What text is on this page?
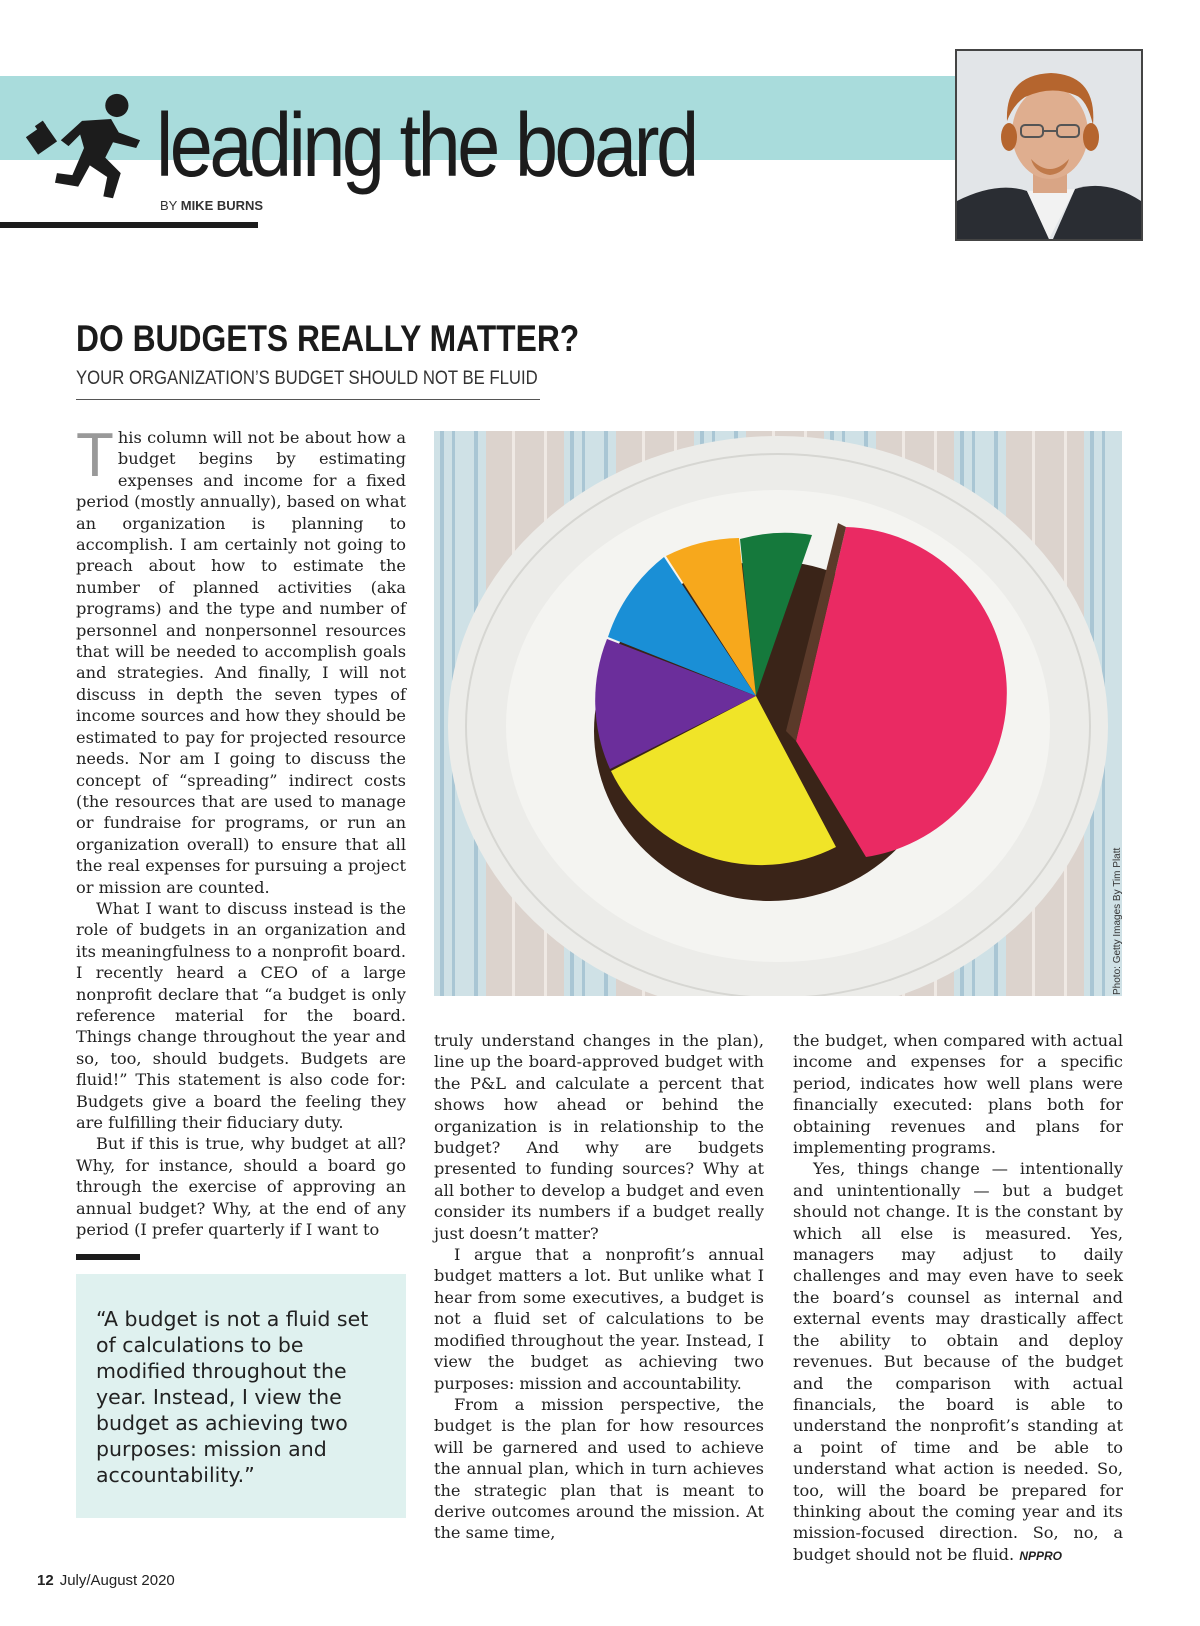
leading the board
BY MIKE BURNS
DO BUDGETS REALLY MATTER?
YOUR ORGANIZATION’S BUDGET SHOULD NOT BE FLUID

This column will not be about how a budget begins by estimating expenses and income for a fixed period (mostly annually), based on what an organization is planning to accomplish. I am certainly not going to preach about how to estimate the number of planned activities (aka programs) and the type and number of personnel and nonpersonnel resources that will be needed to accomplish goals and strategies. And finally, I will not discuss in depth the seven types of income sources and how they should be estimated to pay for projected resource needs. Nor am I going to discuss the concept of “spreading” indirect costs (the resources that are used to manage or fundraise for programs, or run an organization overall) to ensure that all the real expenses for pursuing a project or mission are counted.

What I want to discuss instead is the role of budgets in an organization and its meaningfulness to a nonprofit board. I recently heard a CEO of a large nonprofit declare that “a budget is only reference material for the board. Things change throughout the year and so, too, should budgets. Budgets are fluid!” This statement is also code for: Budgets give a board the feeling they are fulfilling their fiduciary duty.

But if this is true, why budget at all? Why, for instance, should a board go through the exercise of approving an annual budget? Why, at the end of any period (I prefer quarterly if I want to

Photo: Getty Images By Tim Platt

truly understand changes in the plan), line up the board-approved budget with the P&L and calculate a percent that shows how ahead or behind the organization is in relationship to the budget? And why are budgets presented to funding sources? Why at all bother to develop a budget and even consider its numbers if a budget really just doesn’t matter?

I argue that a nonprofit’s annual budget matters a lot. But unlike what I hear from some executives, a budget is not a fluid set of calculations to be modified throughout the year. Instead, I view the budget as achieving two purposes: mission and accountability.

From a mission perspective, the budget is the plan for how resources will be garnered and used to achieve the annual plan, which in turn achieves the strategic plan that is meant to derive outcomes around the mission. At the same time,

the budget, when compared with actual income and expenses for a specific period, indicates how well plans were financially executed: plans both for obtaining revenues and plans for implementing programs.

Yes, things change — intentionally and unintentionally — but a budget should not change. It is the constant by which all else is measured. Yes, managers may adjust to daily challenges and may even have to seek the board’s counsel as internal and external events may drastically affect the ability to obtain and deploy revenues. But because of the budget and the comparison with actual financials, the board is able to understand the nonprofit’s standing at a point of time and be able to understand what action is needed. So, too, will the board be prepared for thinking about the coming year and its mission-focused direction. So, no, a budget should not be fluid. NPPRO

“A budget is not a fluid set of calculations to be modified throughout the year. Instead, I view the budget as achieving two purposes: mission and accountability.”
12 July/August 2020
